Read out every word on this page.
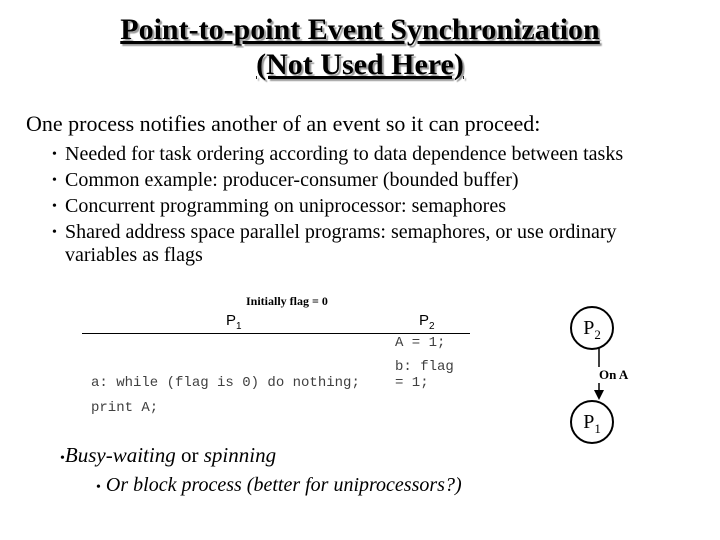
Point-to-point Event Synchronization
(Not Used Here)
One process notifies another of an event so it can proceed:
• Needed for task ordering according to data dependence between tasks
• Common example: producer-consumer (bounded buffer)
• Concurrent programming on uniprocessor: semaphores
• Shared address space parallel programs: semaphores, or use ordinary variables as flags
Initially flag = 0
$P_1$	$P_2$
A = 1;
b: flag
= 1;
a: while (flag is 0) do nothing;
print A;
$P_2$
On A
$P_1$
•Busy-waiting or spinning
• Or block process (better for uniprocessors?)
